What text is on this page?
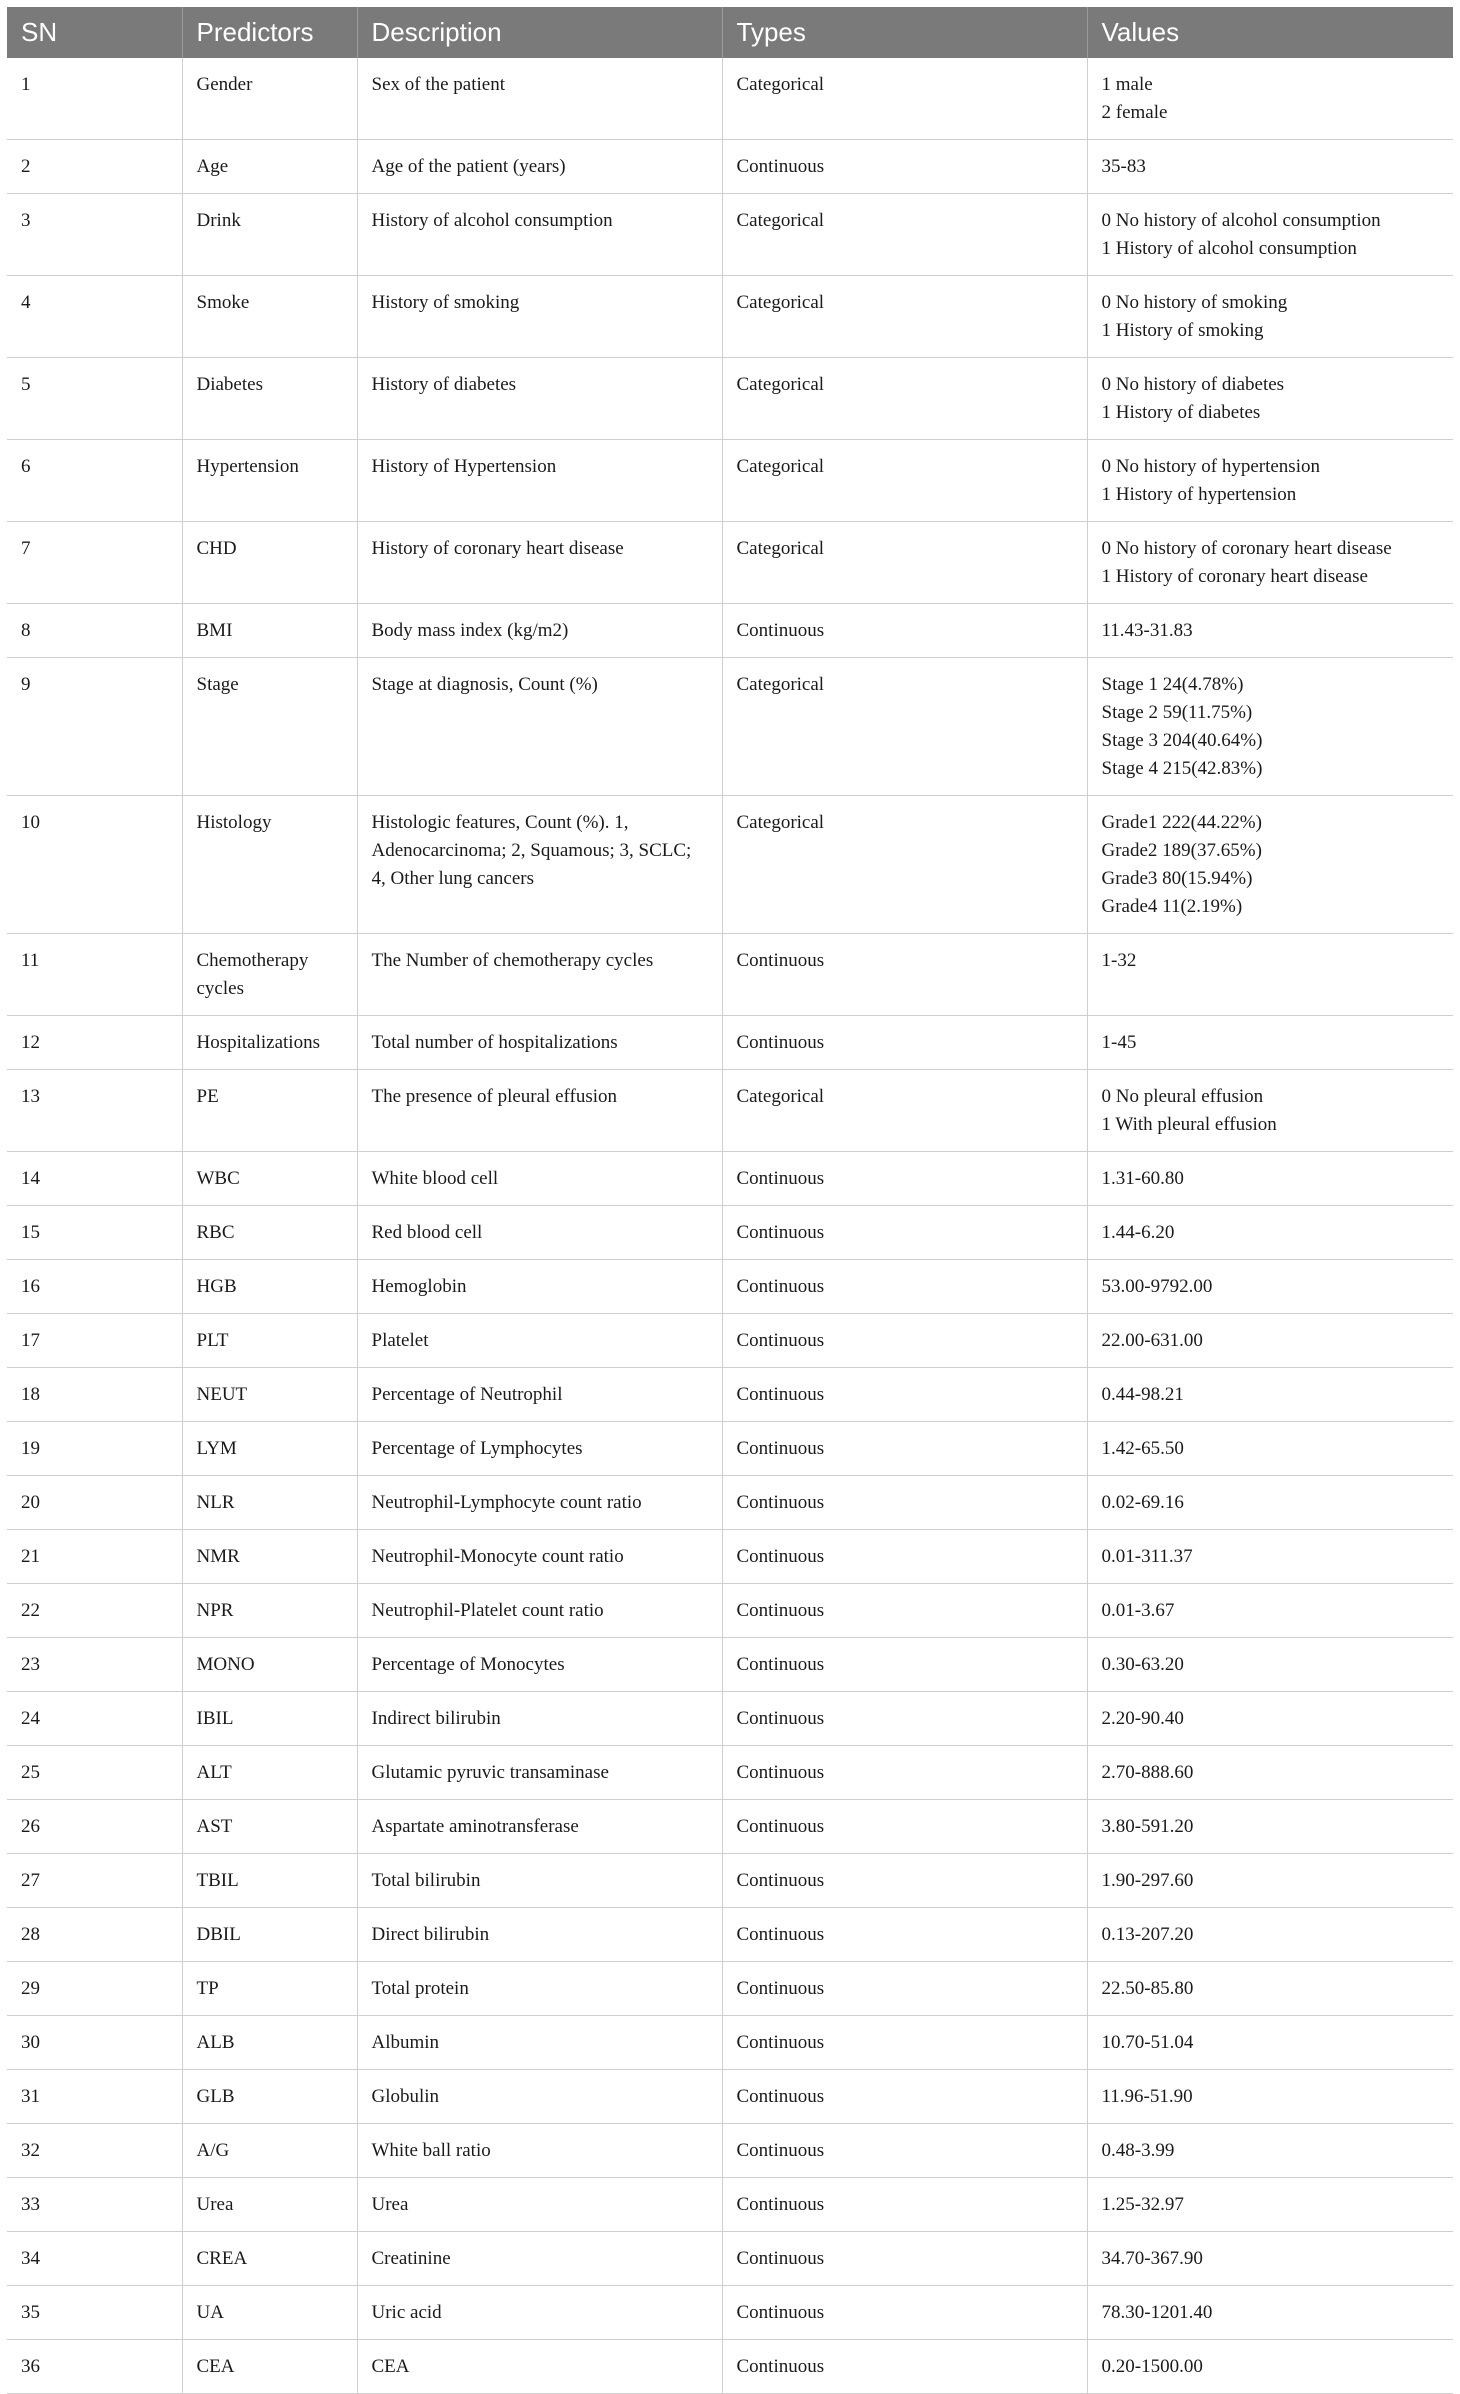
SN	Predictors	Description	Types	Values
1	Gender	Sex of the patient	Categorical	1 male
2 female

2	Age	Age of the patient (years)	Continuous	35-83

3	Drink	History of alcohol consumption	Categorical	0 No history of alcohol consumption
1 History of alcohol consumption

4	Smoke	History of smoking	Categorical	0 No history of smoking
1 History of smoking

5	Diabetes	History of diabetes	Categorical	0 No history of diabetes
1 History of diabetes

6	Hypertension	History of Hypertension	Categorical	0 No history of hypertension
1 History of hypertension

7	CHD	History of coronary heart disease	Categorical	0 No history of coronary heart disease
1 History of coronary heart disease

8	BMI	Body mass index (kg/m2)	Continuous	11.43-31.83

9	Stage	Stage at diagnosis, Count (%)	Categorical	Stage 1 24(4.78%)
Stage 2 59(11.75%)
Stage 3 204(40.64%)
Stage 4 215(42.83%)

10	Histology	Histologic features, Count (%). 1, Adenocarcinoma; 2, Squamous; 3, SCLC; 4, Other lung cancers	Categorical	Grade1 222(44.22%)
Grade2 189(37.65%)
Grade3 80(15.94%)
Grade4 11(2.19%)

11	Chemotherapy cycles	The Number of chemotherapy cycles	Continuous	1-32

12	Hospitalizations	Total number of hospitalizations	Continuous	1-45

13	PE	The presence of pleural effusion	Categorical	0 No pleural effusion
1 With pleural effusion

14	WBC	White blood cell	Continuous	1.31-60.80

15	RBC	Red blood cell	Continuous	1.44-6.20

16	HGB	Hemoglobin	Continuous	53.00-9792.00

17	PLT	Platelet	Continuous	22.00-631.00

18	NEUT	Percentage of Neutrophil	Continuous	0.44-98.21

19	LYM	Percentage of Lymphocytes	Continuous	1.42-65.50

20	NLR	Neutrophil-Lymphocyte count ratio	Continuous	0.02-69.16

21	NMR	Neutrophil-Monocyte count ratio	Continuous	0.01-311.37

22	NPR	Neutrophil-Platelet count ratio	Continuous	0.01-3.67

23	MONO	Percentage of Monocytes	Continuous	0.30-63.20

24	IBIL	Indirect bilirubin	Continuous	2.20-90.40

25	ALT	Glutamic pyruvic transaminase	Continuous	2.70-888.60

26	AST	Aspartate aminotransferase	Continuous	3.80-591.20

27	TBIL	Total bilirubin	Continuous	1.90-297.60

28	DBIL	Direct bilirubin	Continuous	0.13-207.20

29	TP	Total protein	Continuous	22.50-85.80

30	ALB	Albumin	Continuous	10.70-51.04

31	GLB	Globulin	Continuous	11.96-51.90

32	A/G	White ball ratio	Continuous	0.48-3.99

33	Urea	Urea	Continuous	1.25-32.97

34	CREA	Creatinine	Continuous	34.70-367.90

35	UA	Uric acid	Continuous	78.30-1201.40

36	CEA	CEA	Continuous	0.20-1500.00
